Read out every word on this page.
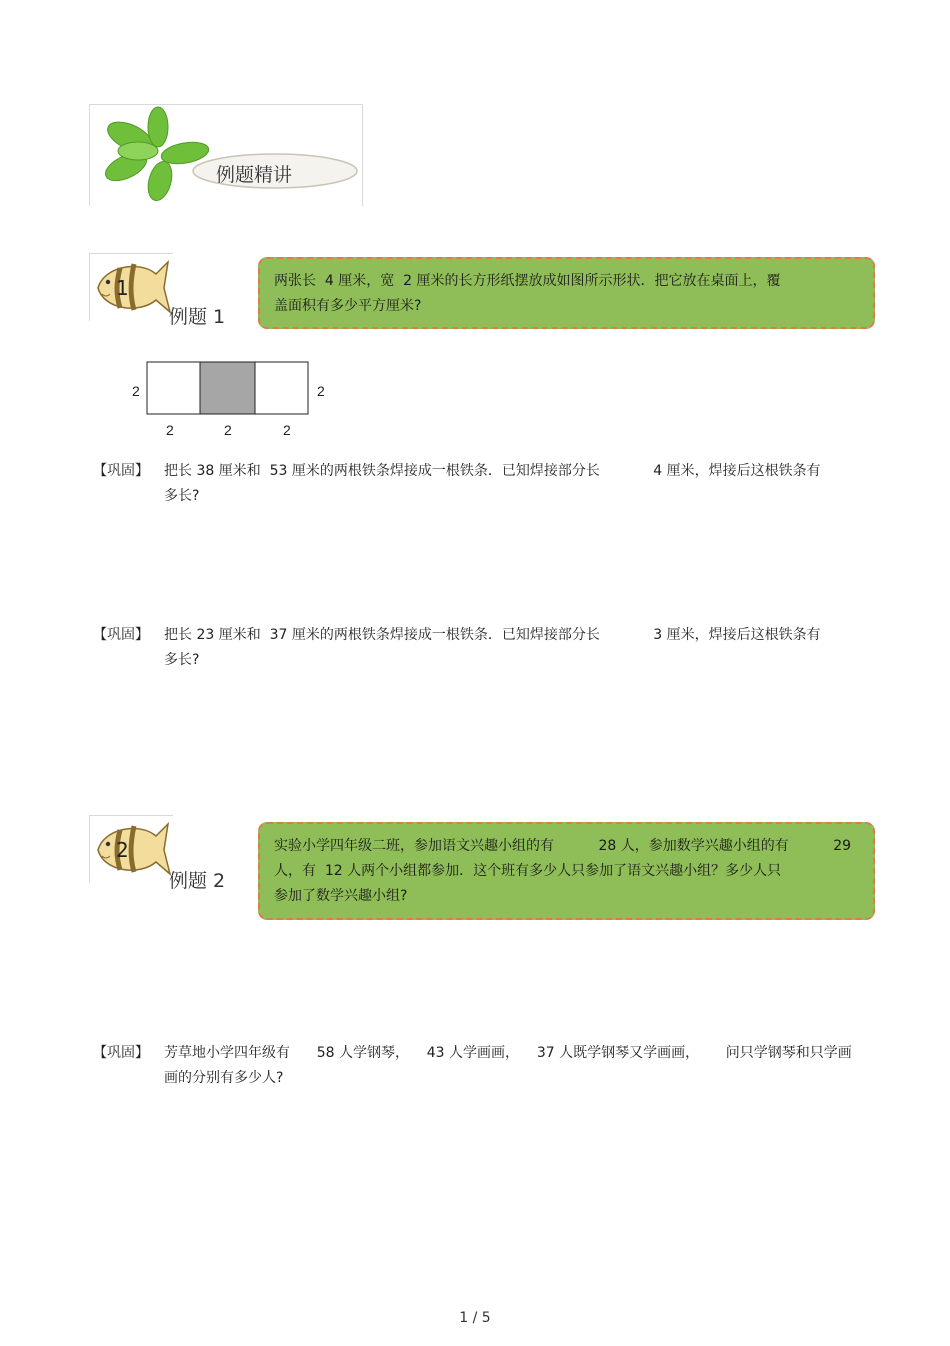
例题精讲
1
例题 1
两张长  4 厘米，宽  2 厘米的长方形纸摆放成如图所示形状．把它放在桌面上，覆
盖面积有多少平方厘米?
2	2
2	2	2
【巩固】 把长 38 厘米和  53 厘米的两根铁条焊接成一根铁条．已知焊接部分长            4 厘米，焊接后这根铁条有
多长?
【巩固】 把长 23 厘米和  37 厘米的两根铁条焊接成一根铁条．已知焊接部分长            3 厘米，焊接后这根铁条有
多长?
2
例题 2
实验小学四年级二班，参加语文兴趣小组的有          28 人，参加数学兴趣小组的有          29
人，有  12 人两个小组都参加．这个班有多少人只参加了语文兴趣小组？多少人只
参加了数学兴趣小组?
【巩固】 芳草地小学四年级有      58 人学钢琴，    43 人学画画，    37 人既学钢琴又学画画，      问只学钢琴和只学画
画的分别有多少人?
1 / 5
